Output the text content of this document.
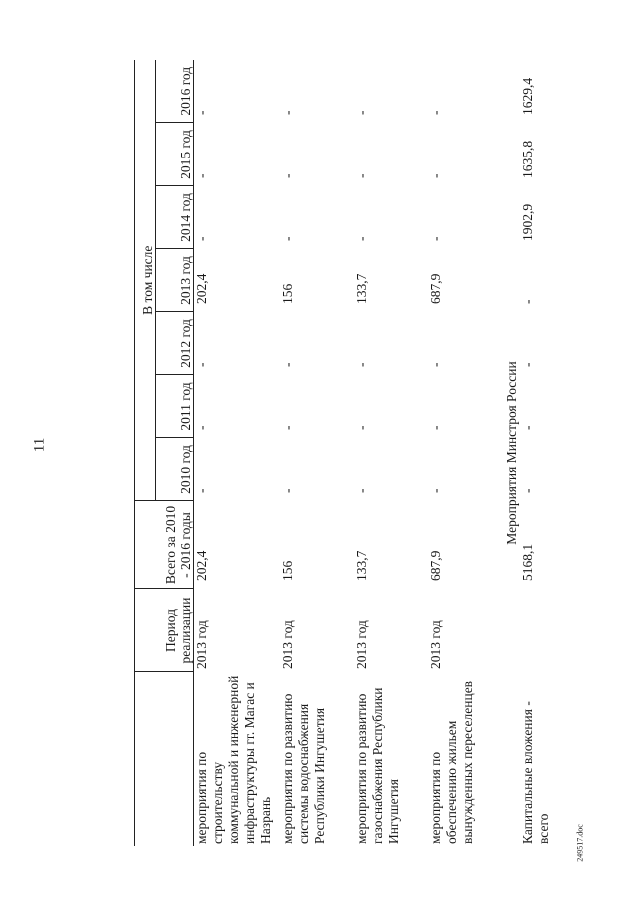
11
249517.doc
	Период реализации	Всего за 2010 - 2016 годы	В том числе						
			2010 год	2011 год	2012 год	2013 год	2014 год	2015 год	2016 год
мероприятия по строительству коммунальной и инженерной инфраструктуры гг. Магас и Назрань	2013 год	202,4	-	-	-	202,4	-	-	-
мероприятия по развитию системы водоснабжения Республики Ингушетия	2013 год	156	-	-	-	156	-	-	-
мероприятия по развитию газоснабжения Республики Ингушетия	2013 год	133,7	-	-	-	133,7	-	-	-
мероприятия по обеспечению жильем вынужденных переселенцев	2013 год	687,9	-	-	-	687,9	-	-	-
Мероприятия Минстроя России									
Капитальные вложения - всего		5168,1	-	-	-	-	1902,9	1635,8	1629,4
